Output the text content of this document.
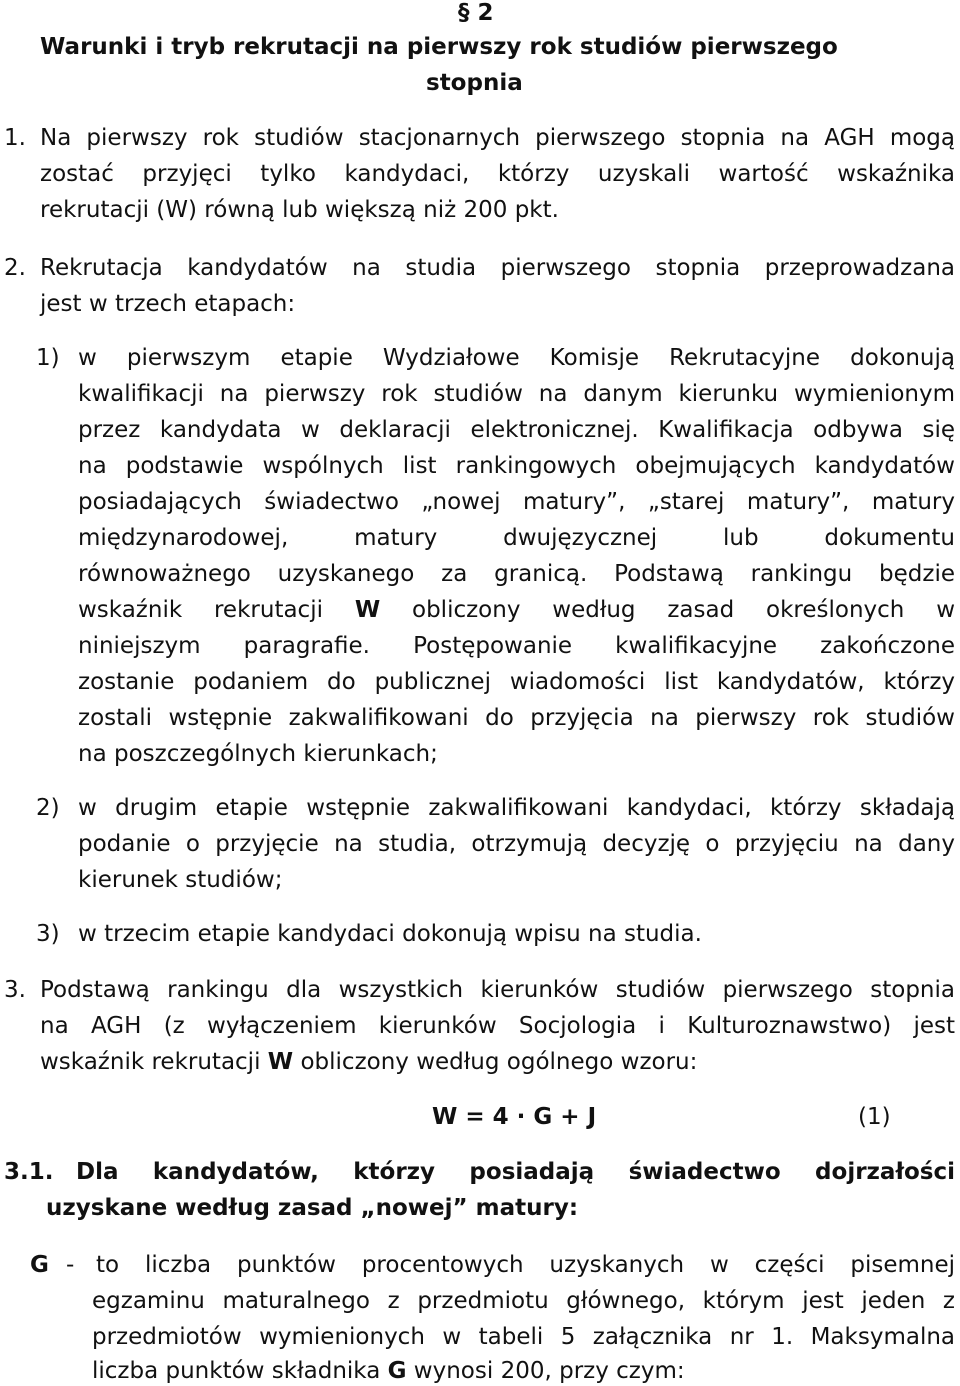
§ 2
Warunki i tryb rekrutacji na pierwszy rok studiów pierwszego
stopnia
1. Na pierwszy rok studiów stacjonarnych pierwszego stopnia na AGH mogą
zostać przyjęci tylko kandydaci, którzy uzyskali wartość wskaźnika
rekrutacji (W) równą lub większą niż 200 pkt.
2. Rekrutacja kandydatów na studia pierwszego stopnia przeprowadzana
jest w trzech etapach:
1) w pierwszym etapie Wydziałowe Komisje Rekrutacyjne dokonują
kwalifikacji na pierwszy rok studiów na danym kierunku wymienionym
przez kandydata w deklaracji elektronicznej. Kwalifikacja odbywa się
na podstawie wspólnych list rankingowych obejmujących kandydatów
posiadających świadectwo „nowej matury”, „starej matury”, matury
międzynarodowej, matury dwujęzycznej lub dokumentu
równoważnego uzyskanego za granicą. Podstawą rankingu będzie
wskaźnik rekrutacji W obliczony według zasad określonych w
niniejszym paragrafie. Postępowanie kwalifikacyjne zakończone
zostanie podaniem do publicznej wiadomości list kandydatów, którzy
zostali wstępnie zakwalifikowani do przyjęcia na pierwszy rok studiów
na poszczególnych kierunkach;
2) w drugim etapie wstępnie zakwalifikowani kandydaci, którzy składają
podanie o przyjęcie na studia, otrzymują decyzję o przyjęciu na dany
kierunek studiów;
3) w trzecim etapie kandydaci dokonują wpisu na studia.
3. Podstawą rankingu dla wszystkich kierunków studiów pierwszego stopnia
na AGH (z wyłączeniem kierunków Socjologia i Kulturoznawstwo) jest
wskaźnik rekrutacji W obliczony według ogólnego wzoru:
W = 4 · G + J	(1)
3.1. Dla kandydatów, którzy posiadają świadectwo dojrzałości
uzyskane według zasad „nowej” matury:
G - to liczba punktów procentowych uzyskanych w części pisemnej
egzaminu maturalnego z przedmiotu głównego, którym jest jeden z
przedmiotów wymienionych w tabeli 5 załącznika nr 1. Maksymalna
liczba punktów składnika G wynosi 200, przy czym:
